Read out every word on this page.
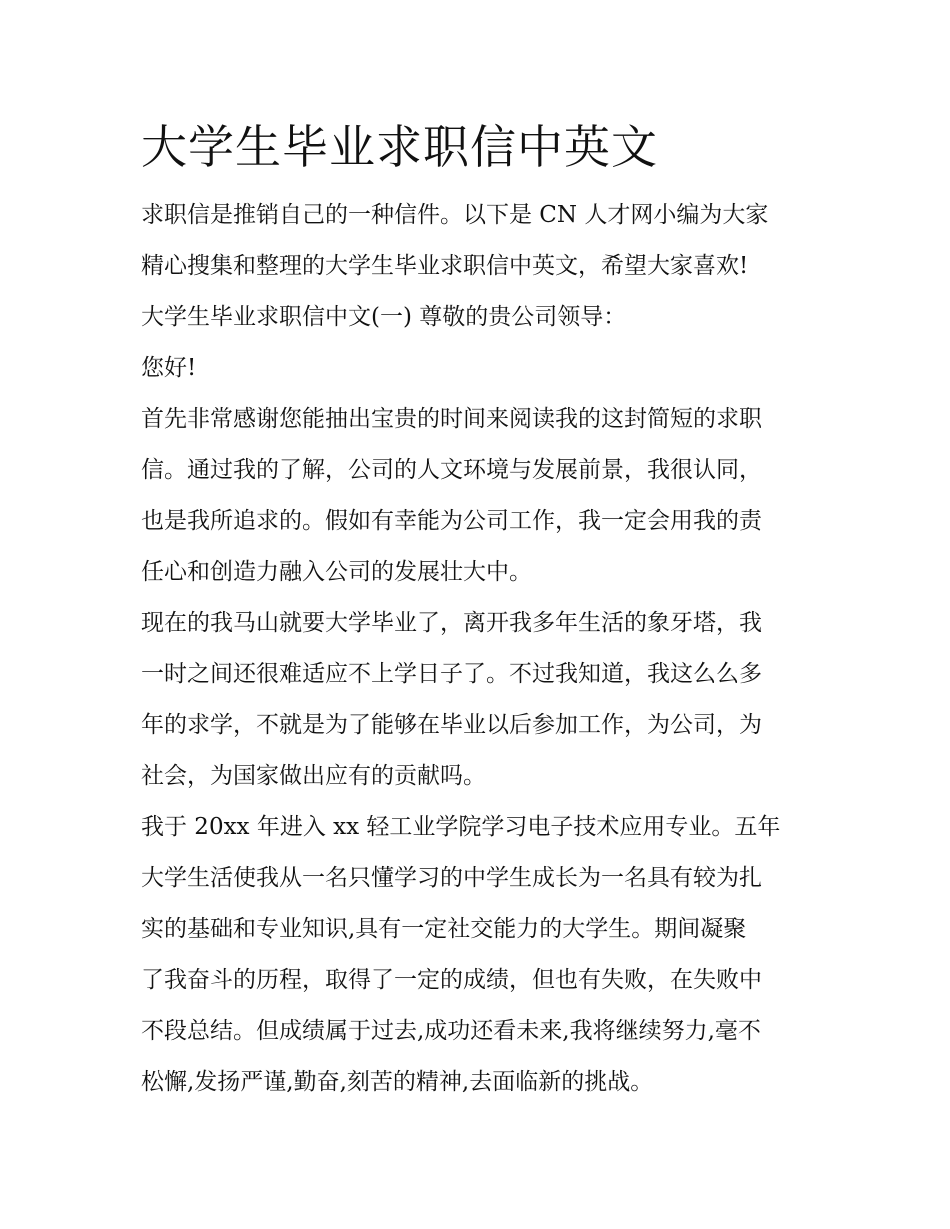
大学生毕业求职信中英文
求职信是推销自己的一种信件。以下是 CN 人才网小编为大家
精心搜集和整理的大学生毕业求职信中英文，希望大家喜欢!
大学生毕业求职信中文(一) 尊敬的贵公司领导：
您好!
首先非常感谢您能抽出宝贵的时间来阅读我的这封简短的求职
信。通过我的了解，公司的人文环境与发展前景，我很认同，
也是我所追求的。假如有幸能为公司工作，我一定会用我的责
任心和创造力融入公司的发展壮大中。
现在的我马山就要大学毕业了，离开我多年生活的象牙塔，我
一时之间还很难适应不上学日子了。不过我知道，我这么么多
年的求学，不就是为了能够在毕业以后参加工作，为公司，为
社会，为国家做出应有的贡献吗。
我于 20xx 年进入 xx 轻工业学院学习电子技术应用专业。五年
大学生活使我从一名只懂学习的中学生成长为一名具有较为扎
实的基础和专业知识,具有一定社交能力的大学生。期间凝聚
了我奋斗的历程，取得了一定的成绩，但也有失败，在失败中
不段总结。但成绩属于过去,成功还看未来,我将继续努力,毫不
松懈,发扬严谨,勤奋,刻苦的精神,去面临新的挑战。
